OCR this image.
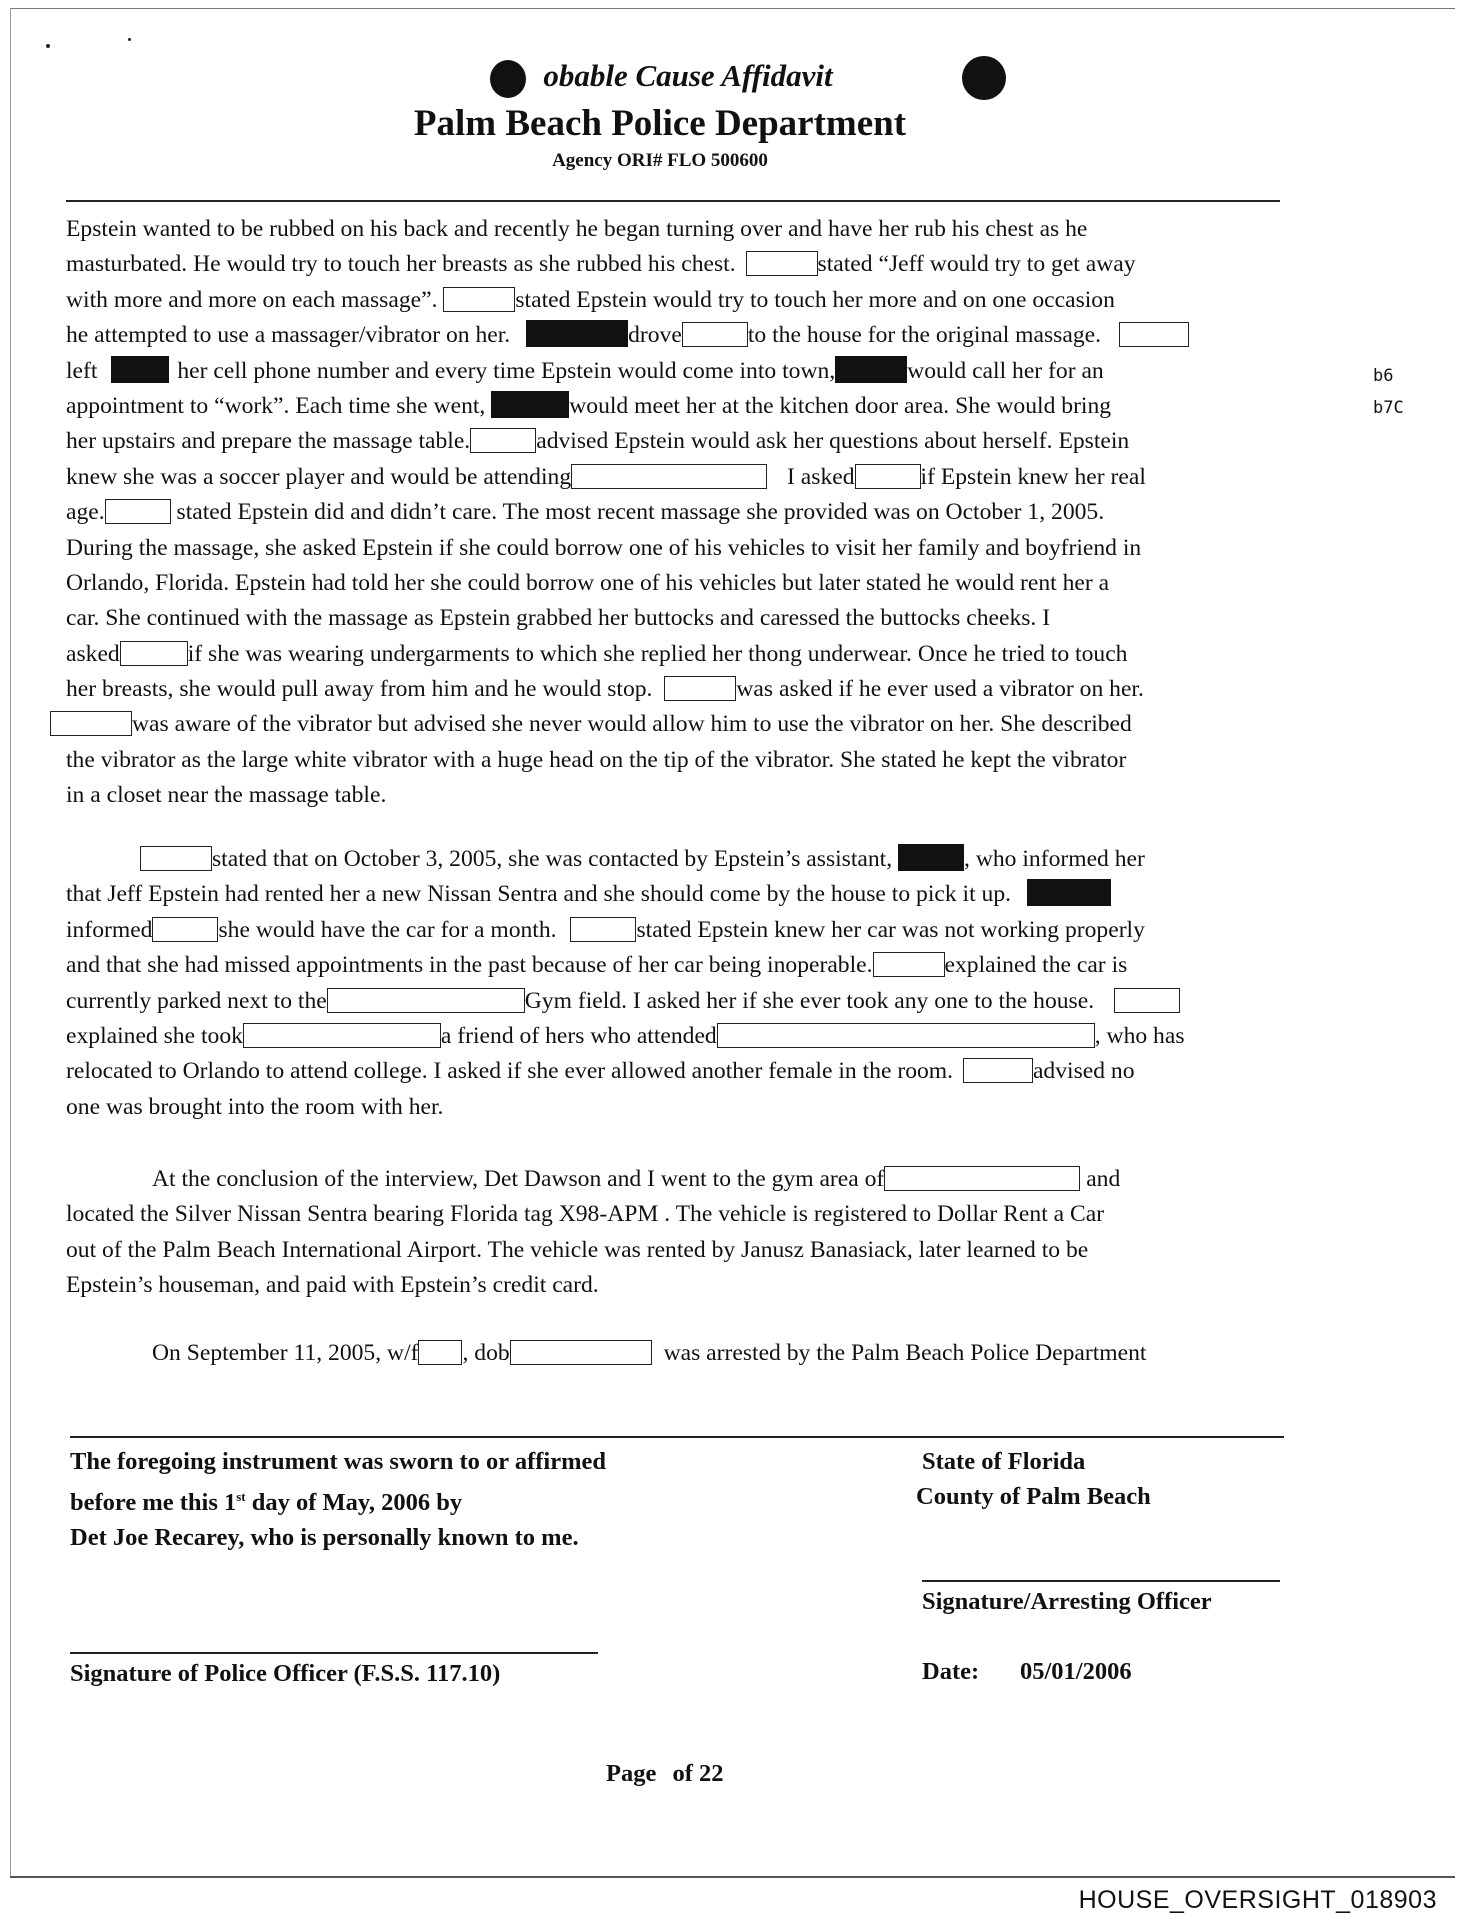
obable Cause Affidavit
Palm Beach Police Department
Agency ORI# FLO 500600
b6
b7C
Epstein wanted to be rubbed on his back and recently he began turning over and have her rub his chest as he
masturbated. He would try to touch her breasts as she rubbed his chest.	stated “Jeff would try to get away
with more and more on each massage”.	stated Epstein would try to touch her more and on one occasion
he attempted to use a massager/vibrator on her.	drove	to the house for the original massage.
left	her cell phone number and every time Epstein would come into town,	would call her for an
appointment to “work”. Each time she went,	would meet her at the kitchen door area. She would bring
her upstairs and prepare the massage table.	advised Epstein would ask her questions about herself. Epstein
knew she was a soccer player and would be attending	I asked	if Epstein knew her real
age.	stated Epstein did and didn’t care. The most recent massage she provided was on October 1, 2005.
During the massage, she asked Epstein if she could borrow one of his vehicles to visit her family and boyfriend in
Orlando, Florida. Epstein had told her she could borrow one of his vehicles but later stated he would rent her a
car. She continued with the massage as Epstein grabbed her buttocks and caressed the buttocks cheeks. I
asked	if she was wearing undergarments to which she replied her thong underwear. Once he tried to touch
her breasts, she would pull away from him and he would stop.	was asked if he ever used a vibrator on her.
was aware of the vibrator but advised she never would allow him to use the vibrator on her. She described
the vibrator as the large white vibrator with a huge head on the tip of the vibrator. She stated he kept the vibrator
in a closet near the massage table.
stated that on October 3, 2005, she was contacted by Epstein’s assistant,	, who informed her
that Jeff Epstein had rented her a new Nissan Sentra and she should come by the house to pick it up.
informed	she would have the car for a month.	stated Epstein knew her car was not working properly
and that she had missed appointments in the past because of her car being inoperable.	explained the car is
currently parked next to the	Gym field. I asked her if she ever took any one to the house.
explained she took	a friend of hers who attended	, who has
relocated to Orlando to attend college. I asked if she ever allowed another female in the room.	advised no
one was brought into the room with her.
At the conclusion of the interview, Det Dawson and I went to the gym area of	and
located the Silver Nissan Sentra bearing Florida tag X98-APM . The vehicle is registered to Dollar Rent a Car
out of the Palm Beach International Airport. The vehicle was rented by Janusz Banasiack, later learned to be
Epstein’s houseman, and paid with Epstein’s credit card.
On September 11, 2005, w/f , dob	was arrested by the Palm Beach Police Department
The foregoing instrument was sworn to or affirmed
before me this 1st day of May, 2006 by
Det Joe Recarey, who is personally known to me.
State of Florida
County of Palm Beach
Signature/Arresting Officer
Signature of Police Officer (F.S.S. 117.10)	Date: 05/01/2006
Page of 22
HOUSE_OVERSIGHT_018903
